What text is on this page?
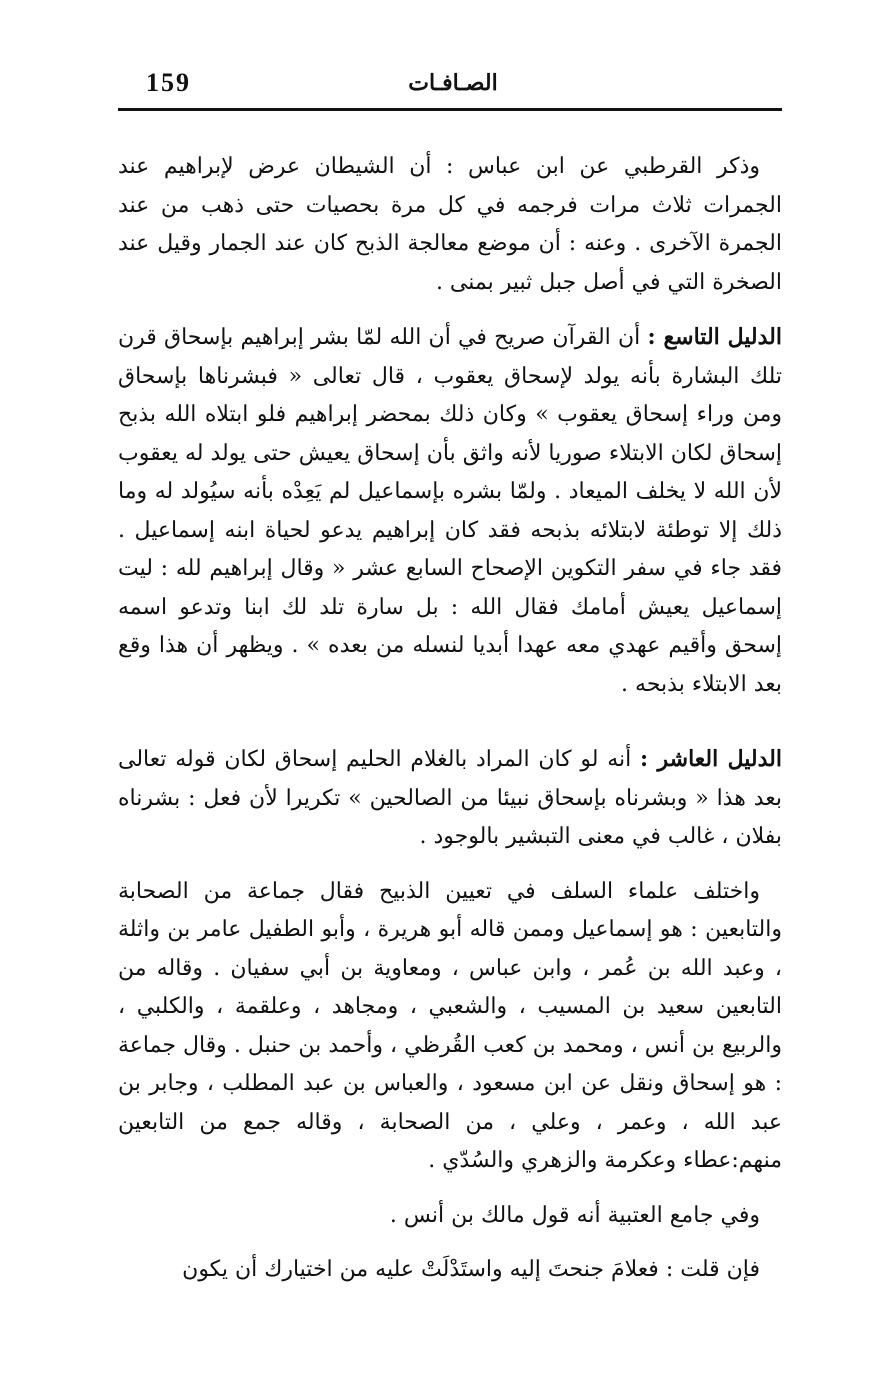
159	الصـافـات

وذكر القرطبي عن ابن عباس : أن الشيطان عرض لإبراهيم عند الجمرات ثلاث مرات فرجمه في كل مرة بحصيات حتى ذهب من عند الجمرة الآخرى . وعنه : أن موضع معالجة الذبح كان عند الجمار وقيل عند الصخرة التي في أصل جبل ثبير بمنى .

الدليل التاسع : أن القرآن صريح في أن الله لمّا بشر إبراهيم بإسحاق قرن تلك البشارة بأنه يولد لإسحاق يعقوب ، قال تعالى « فبشرناها بإسحاق ومن وراء إسحاق يعقوب » وكان ذلك بمحضر إبراهيم فلو ابتلاه الله بذبح إسحاق لكان الابتلاء صوريا لأنه واثق بأن إسحاق يعيش حتى يولد له يعقوب لأن الله لا يخلف الميعاد . ولمّا بشره بإسماعيل لم يَعِدْه بأنه سيُولد له وما ذلك إلا توطئة لابتلائه بذبحه فقد كان إبراهيم يدعو لحياة ابنه إسماعيل . فقد جاء في سفر التكوين الإصحاح السابع عشر « وقال إبراهيم لله : ليت إسماعيل يعيش أمامك فقال الله : بل سارة تلد لك ابنا وتدعو اسمه إسحق وأقيم عهدي معه عهدا أبديا لنسله من بعده » . ويظهر أن هذا وقع بعد الابتلاء بذبحه .

الدليل العاشر : أنه لو كان المراد بالغلام الحليم إسحاق لكان قوله تعالى بعد هذا « وبشرناه بإسحاق نبيئا من الصالحين » تكريرا لأن فعل : بشرناه بفلان ، غالب في معنى التبشير بالوجود .

واختلف علماء السلف في تعيين الذبيح فقال جماعة من الصحابة والتابعين : هو إسماعيل وممن قاله أبو هريرة ، وأبو الطفيل عامر بن واثلة ، وعبد الله بن عُمر ، وابن عباس ، ومعاوية بن أبي سفيان . وقاله من التابعين سعيد بن المسيب ، والشعبي ، ومجاهد ، وعلقمة ، والكلبي ، والربيع بن أنس ، ومحمد بن كعب القُرظي ، وأحمد بن حنبل . وقال جماعة : هو إسحاق ونقل عن ابن مسعود ، والعباس بن عبد المطلب ، وجابر بن عبد الله ، وعمر ، وعلي ، من الصحابة ، وقاله جمع من التابعين منهم:عطاء وعكرمة والزهري والسُدّي .

وفي جامع العتبية أنه قول مالك بن أنس .

فإن قلت : فعلامَ جنحتَ إليه واستَدْلَتْ عليه من اختيارك أن يكون
